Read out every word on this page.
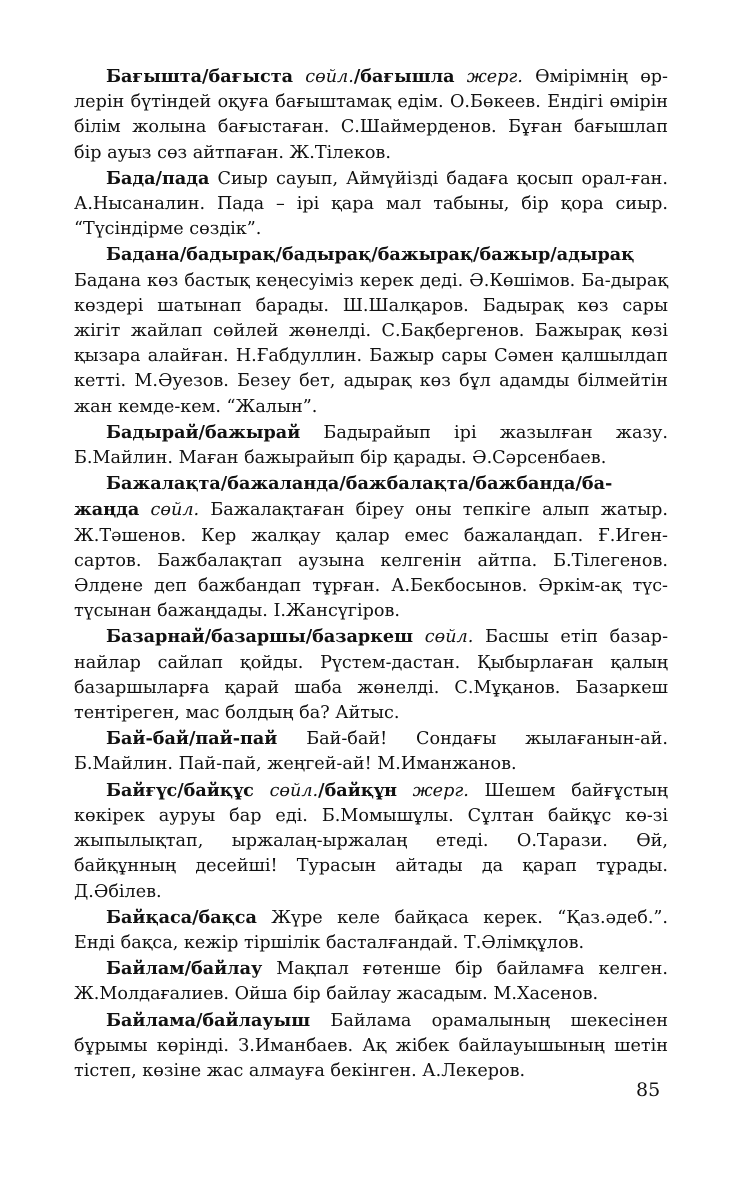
Бағышта/бағыста сөйл./бағышла жерг. Өмірімнің өр-лерін бүтіндей оқуға бағыштамақ едім. О.Бөкеев. Ендігі өмірін білім жолына бағыстаған. С.Шаймерденов. Бұған бағышлап бір ауыз сөз айтпаған. Ж.Тілеков.

Бада/пада Сиыр сауып, Аймүйізді бадаға қосып орал-ған. А.Нысаналин. Пада – ірі қара мал табыны, бір қора сиыр. “Түсіндірме сөздік”.

Бадана/бадырақ/бадырақ/бажырақ/бажыр/адырақ Бадана көз бастық кеңесуіміз керек деді. Ә.Көшімов. Ба-дырақ көздері шатынап барады. Ш.Шалқаров. Бадырақ көз сары жігіт жайлап сөйлей жөнелді. С.Бақбергенов. Бажырақ көзі қызара алайған. Н.Ғабдуллин. Бажыр сары Сәмен қалшылдап кетті. М.Әуезов. Безеу бет, адырақ көз бұл адамды білмейтін жан кемде-кем. “Жалын”.

Бадырай/бажырай Бадырайып ірі жазылған жазу. Б.Майлин. Маған бажырайып бір қарады. Ә.Сәрсенбаев.

Бажалақта/бажаланда/бажбалақта/бажбанда/ба-жаңда сөйл. Бажалақтаған біреу оны тепкіге алып жатыр. Ж.Тәшенов. Кер жалқау қалар емес бажалаңдап. Ғ.Иген-сартов. Бажбалақтап аузына келгенін айтпа. Б.Тілегенов. Әлдене деп бажбандап тұрған. А.Бекбосынов. Әркім-ақ түс-түсынан бажаңдады. І.Жансүгіров.

Базарнай/базаршы/базаркеш сөйл. Басшы етіп базар-найлар сайлап қойды. Рүстем-дастан. Қыбырлаған қалың базаршыларға қарай шаба жөнелді. С.Мұқанов. Базаркеш тентіреген, мас болдың ба? Айтыс.

Бай-бай/пай-пай Бай-бай! Сондағы жылағанын-ай. Б.Майлин. Пай-пай, жеңгей-ай! М.Иманжанов.

Байғүс/байқұс сөйл./байқұн жерг. Шешем байғұстың көкірек ауруы бар еді. Б.Момышұлы. Сұлтан байқұс кө-зі жыпылықтап, ыржалаң-ыржалаң етеді. О.Тарази. Өй, байқұнның десейші! Турасын айтады да қарап тұрады. Д.Әбілев.

Байқаса/бақса Жүре келе байқаса керек. “Қаз.әдеб.”. Енді бақса, кежір тіршілік басталғандай. Т.Әлімқұлов.

Байлам/байлау Мақпал ғөтенше бір байламға келген. Ж.Молдағалиев. Ойша бір байлау жасадым. М.Хасенов.

Байлама/байлауыш Байлама орамалының шекесінен бұрымы көрінді. З.Иманбаев. Ақ жібек байлауышының шетін тістеп, көзіне жас алмауға бекінген. А.Лекеров.

85
